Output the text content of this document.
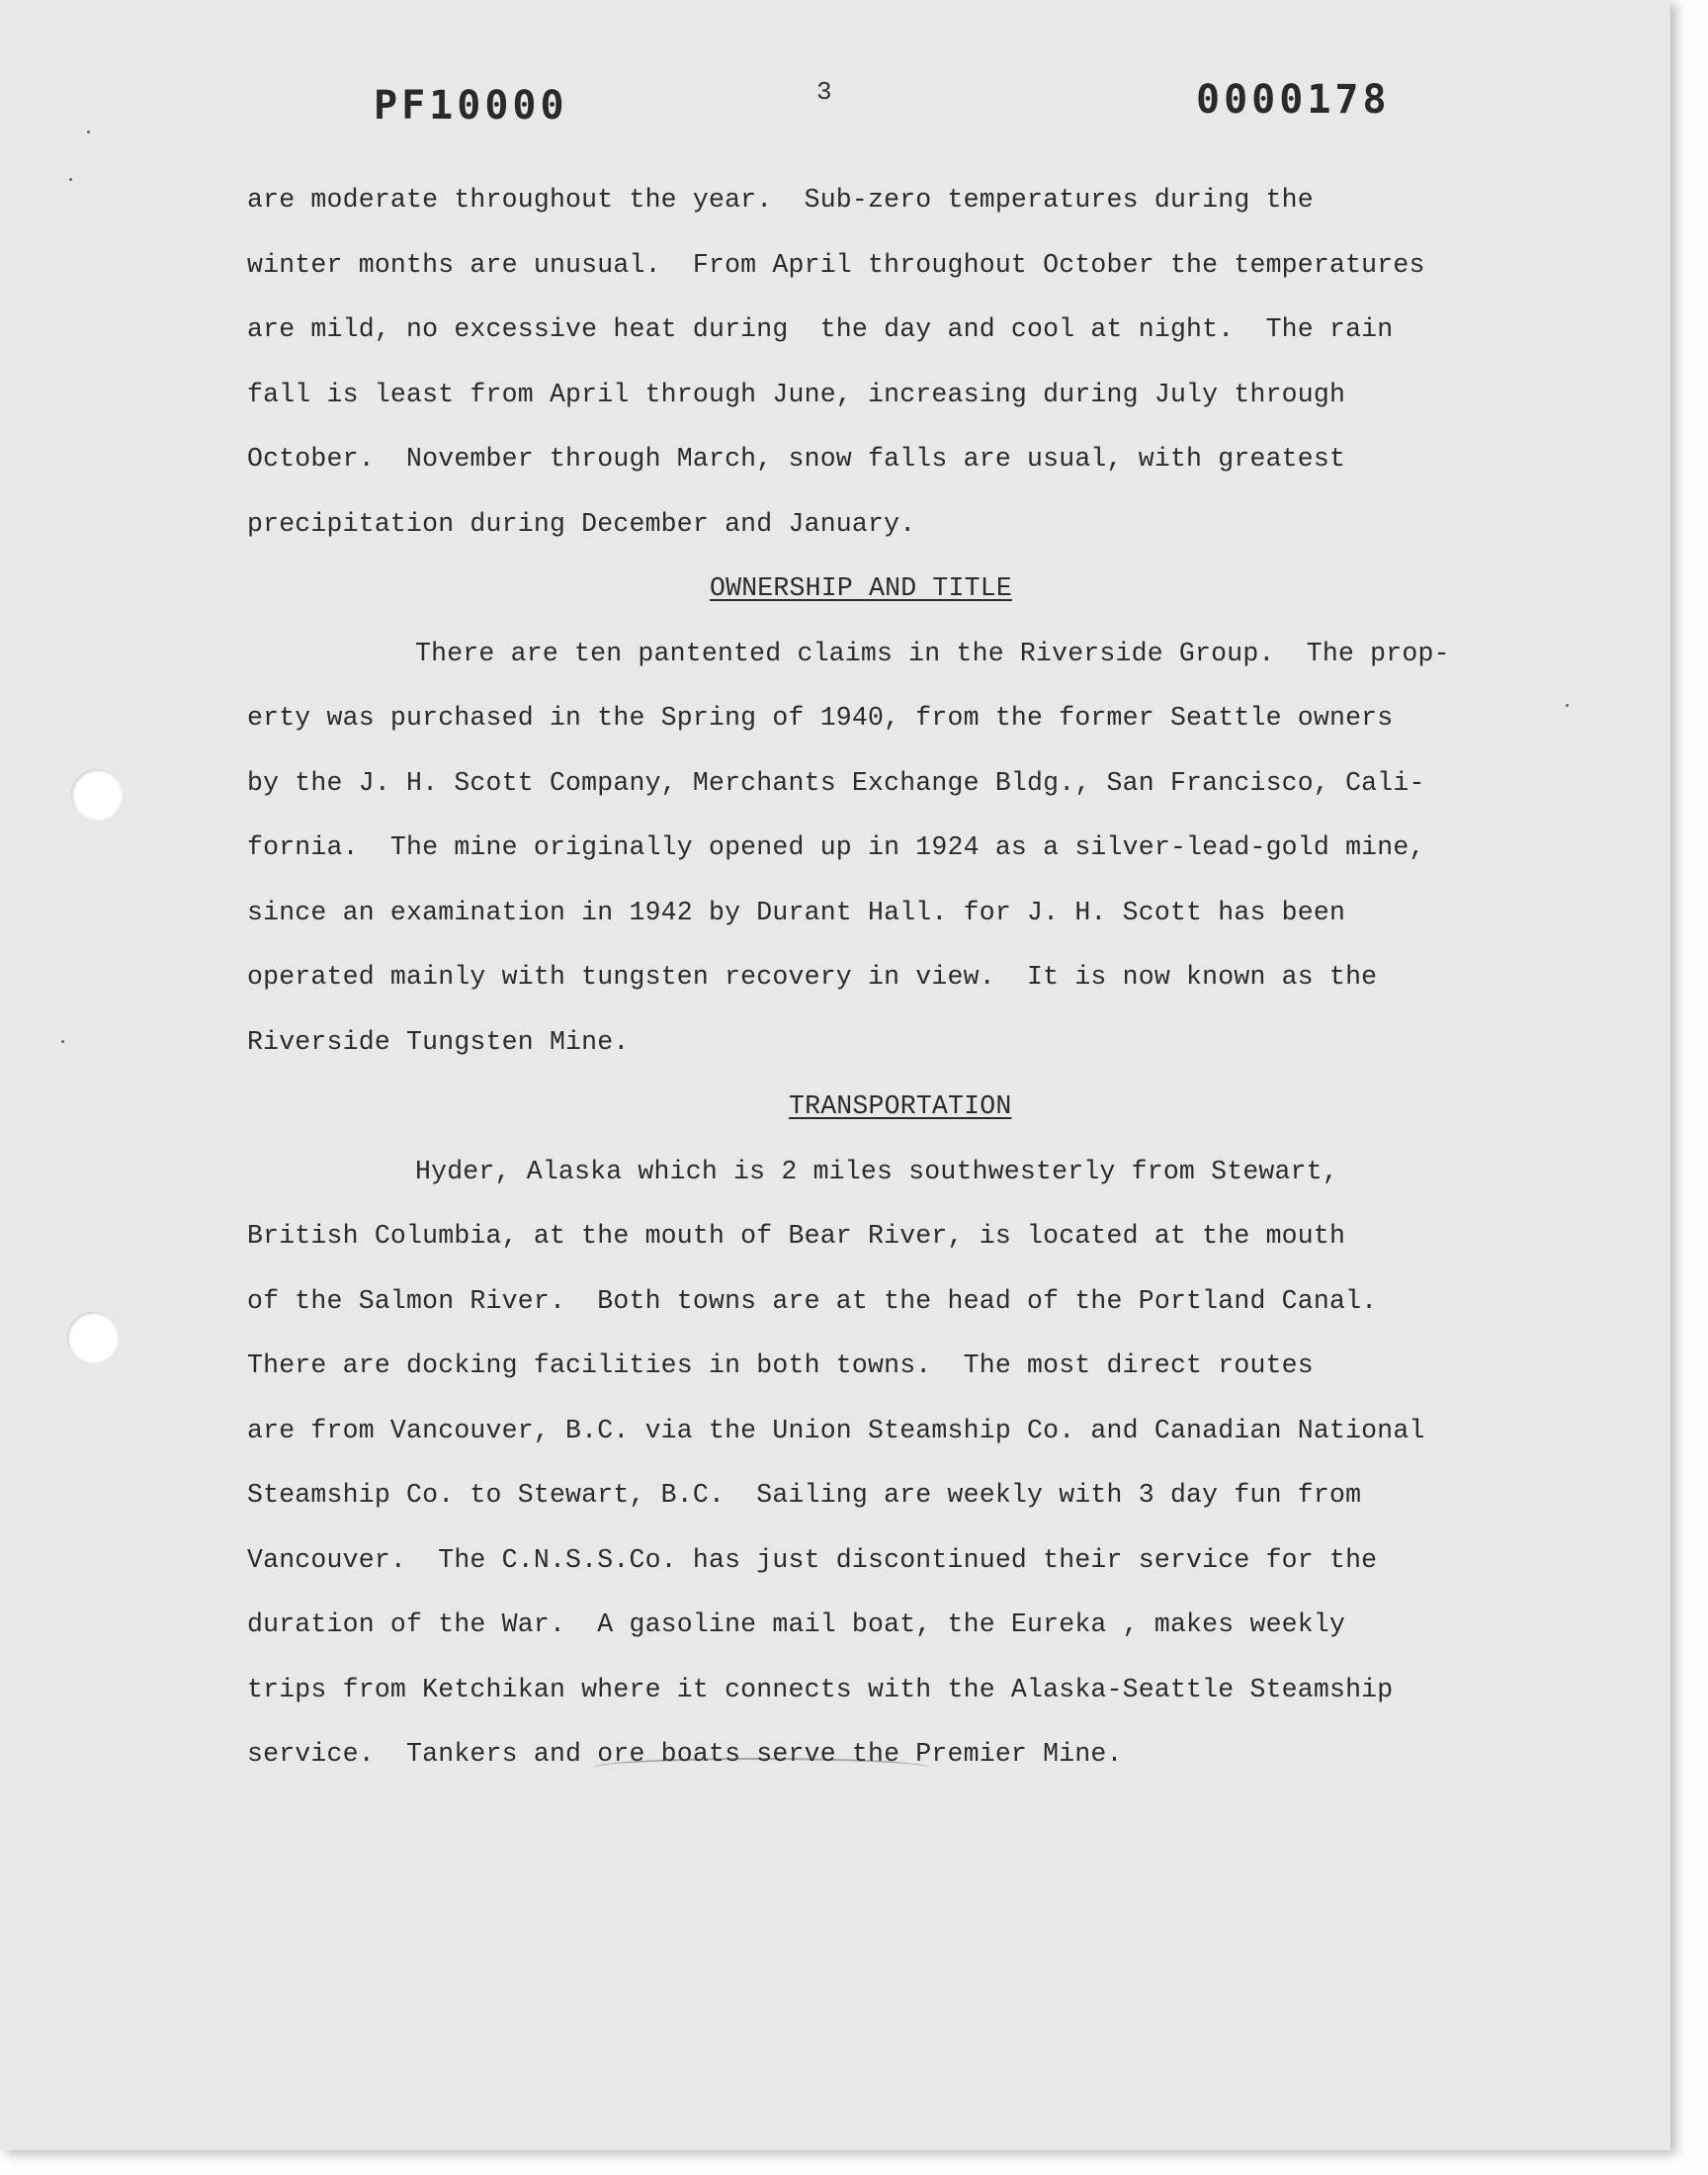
PF10000	3	0000178
are moderate throughout the year.  Sub-zero temperatures during the
winter months are unusual.  From April throughout October the temperatures
are mild, no excessive heat during  the day and cool at night.  The rain
fall is least from April through June, increasing during July through
October.  November through March, snow falls are usual, with greatest
precipitation during December and January.
OWNERSHIP AND TITLE
There are ten pantented claims in the Riverside Group.  The prop-
erty was purchased in the Spring of 1940, from the former Seattle owners
by the J. H. Scott Company, Merchants Exchange Bldg., San Francisco, Cali-
fornia.  The mine originally opened up in 1924 as a silver-lead-gold mine,
since an examination in 1942 by Durant Hall. for J. H. Scott has been
operated mainly with tungsten recovery in view.  It is now known as the
Riverside Tungsten Mine.
TRANSPORTATION
Hyder, Alaska which is 2 miles southwesterly from Stewart,
British Columbia, at the mouth of Bear River, is located at the mouth
of the Salmon River.  Both towns are at the head of the Portland Canal.
There are docking facilities in both towns.  The most direct routes
are from Vancouver, B.C. via the Union Steamship Co. and Canadian National
Steamship Co. to Stewart, B.C.  Sailing are weekly with 3 day fun from
Vancouver.  The C.N.S.S.Co. has just discontinued their service for the
duration of the War.  A gasoline mail boat, the Eureka , makes weekly
trips from Ketchikan where it connects with the Alaska-Seattle Steamship
service.  Tankers and ore boats serve the Premier Mine.
